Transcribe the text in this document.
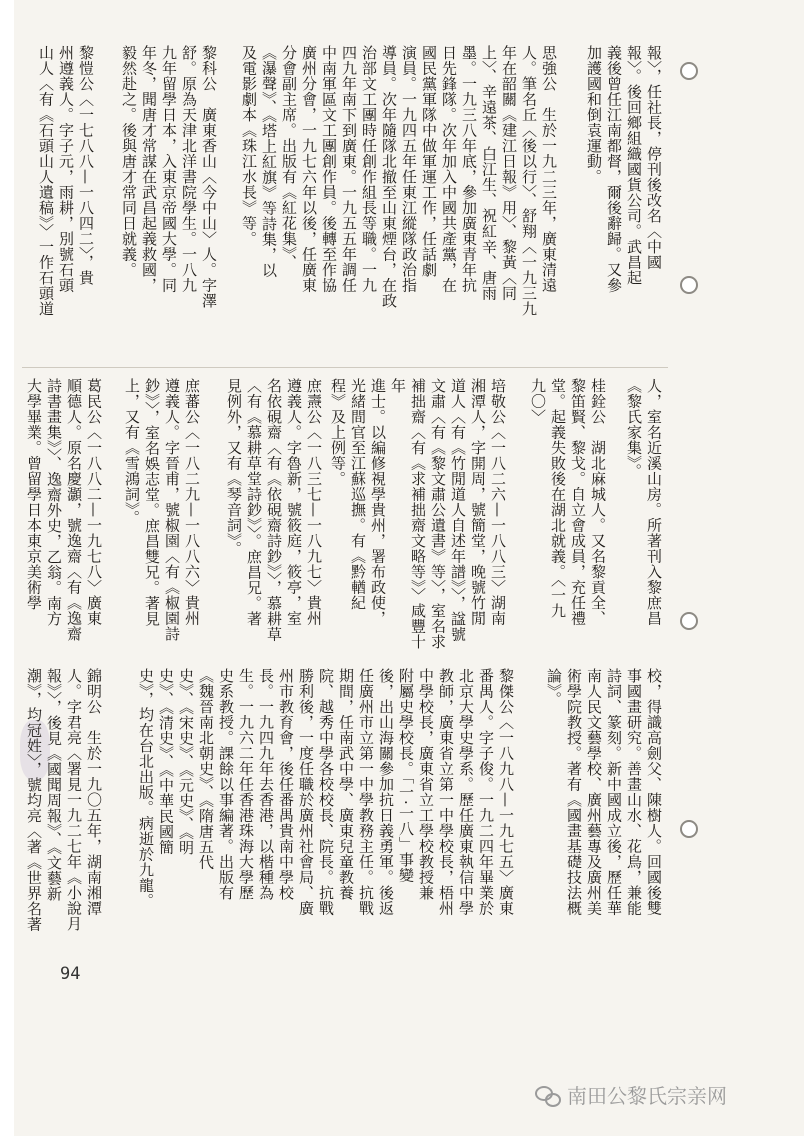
報〉，任社長，停刊後改名〈中國
報〉。後回鄉組織國貨公司。武昌起
義後曾任江南都督，爾後辭歸。又參
加護國和倒袁運動。
思強公　生於一九二三年，廣東清遠
人。筆名丘〈後以行〉、舒翔〈一九三九
年在韶關《建江日報》用〉、黎黃〈同
上〉、辛遠茶、白江生、祝紅辛、唐雨
墨。一九三八年底，參加廣東青年抗
日先鋒隊。次年加入中國共產黨，在
國民黨軍隊中做軍運工作，任話劇
演員。一九四五年任東江縱隊政治指
導員。次年隨隊北撤至山東煙台，在政
治部文工團時任創作組長等職。一九
四九年南下到廣東。一九五五年調任
中南軍區文工團創作員。後轉至作協
廣州分會，一九七六年以後，任廣東
分會副主席。出版有《紅花集》、
《瀑聲》、《塔上紅旗》等詩集，以
及電影劇本《珠江水長》等。
黎科公　廣東香山〈今中山〉人。字澤
舒。原為天津北洋書院學生。一八九
九年留學日本，入東京帝國大學。同
年冬，聞唐才常謀在武昌起義救國，
毅然赴之。後與唐才常同日就義。
黎愷公〈一七八八—一八四二〉，貴
州遵義人。字子元，雨耕，別號石頭
山人〈有《石頭山人遺稿》〉一作石頭道
人，室名近溪山房。所著刊入黎庶昌
《黎氏家集》。
桂銓公　湖北麻城人。又名黎貢全、
黎笛賢、黎戈。自立會成員，充任禮
堂。起義失敗後在湖北就義。〈一九
九〇〉
培敬公〈一八二六—一八八三〉湖南
湘潭人，字開周，號簡堂，晚號竹閒
道人〈有《竹閒道人自述年譜》〉，諡號
文肅〈有《黎文肅公遺書》等〉，室名求
補拙齋〈有《求補拙齋文略等》〉咸豐十年
進士。以編修視學貴州，署布政使，
光緒間官至江蘇巡撫。有《黔輶紀
程》及上例等。
庶燾公〈一八三七—一八九七〉貴州
遵義人。字魯新，號筱庭，筱亭，室
名依硯齋〈有《依硯齋詩鈔》〉，慕耕草
〈有《慕耕草堂詩鈔》〉。庶昌兄。著
見例外，又有《琴音詞》。
庶蕃公〈一八二九—一八八六〉貴州
遵義人。字晉甫，號椒園〈有《椒園詩
鈔》〉，室名娛志堂。庶昌雙兄。著見
上，又有《雪鴻詞》。
葛民公〈一八八二—一九七八〉廣東
順德人。原名慶灝，號逸齋〈有《逸齋
詩書畫集》〉、逸齋外史，乙翁。南方
大學畢業。曾留學日本東京美術學
校，得識高劍父、陳樹人。回國後雙
事國畫研究。善畫山水、花鳥，兼能
詩詞、篆刻。新中國成立後，歷任華
南人民文藝學校、廣州藝專及廣州美
術學院教授。著有《國畫基礎技法概
論》。
黎傑公〈一八九八—一九七五〉廣東
番禺人。字子俊。一九二四年畢業於
北京大學史學系。歷任廣東執信中學
教師，廣東省立第一中學校長，梧州
中學校長，廣東省立工學校教授兼
附屬史學校長。「一·一八」事變
後，出山海關參加抗日義勇軍。後返
任廣州市立第一中學教務主任。抗戰
期間，任南武中學、廣東兒童教養
院、越秀中學各校校長、院長。抗戰
勝利後，一度任職於廣州社會局、廣
州市教育會，後任番禺貴南中學校
長。一九四九年去香港，以楷種為
生。一九六二年任香港珠海大學歷
史系教授。課餘以事編著。出版有
《魏晉南北朝史》、《隋唐五代
史》、《宋史》、《元史》、《明
史》、《清史》、《中華民國簡
史》，均在台北出版。病逝於九龍。
錦明公　生於一九〇五年，湖南湘潭
人。字君亮〈署見一九二七年《小說月
報》〉，後見《國聞周報》、《文藝新
潮》，均冠姓〉，號均亮〈著《世界名著
94
南田公黎氏宗亲网
